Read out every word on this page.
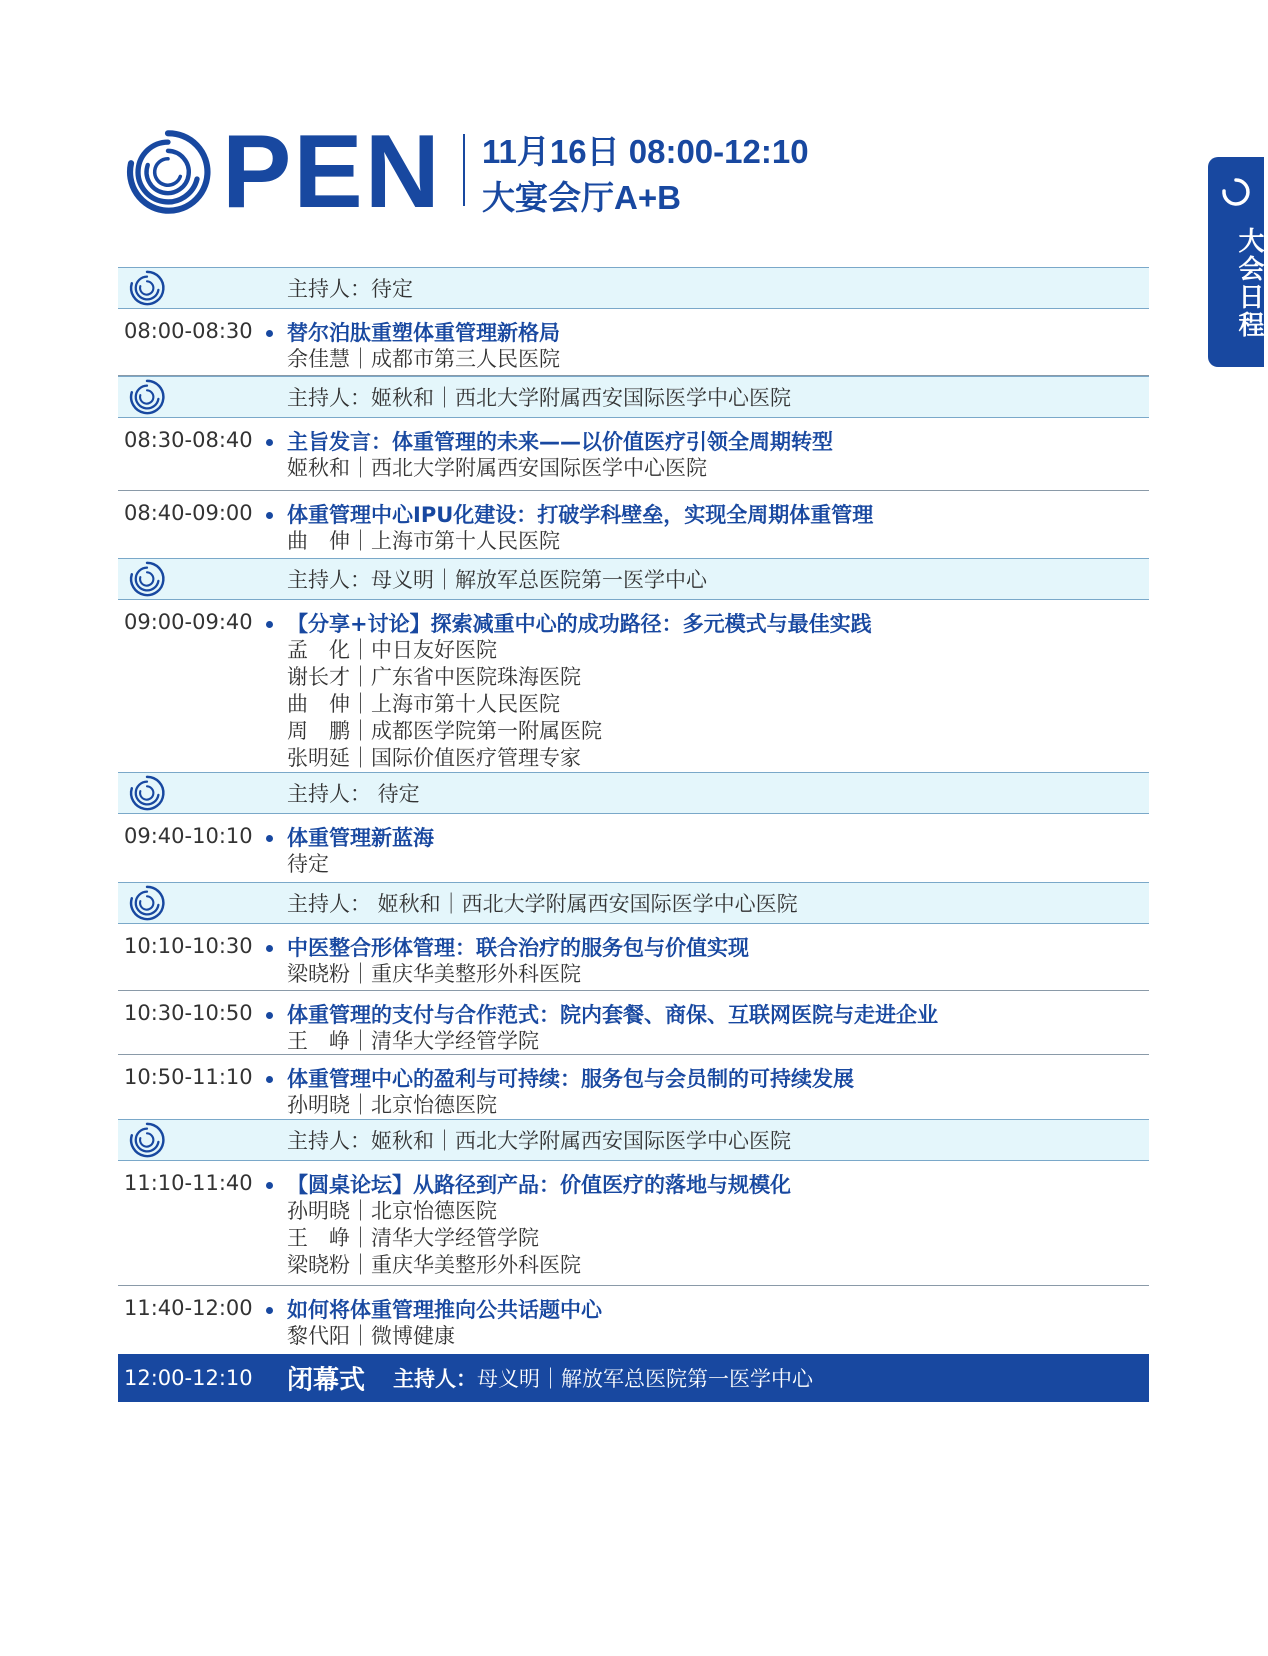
PEN 11月16日 08:00-12:10
大宴会厅A+B
大会日程
主持人：待定
08:00-08:30 替尔泊肽重塑体重管理新格局
余佳慧｜成都市第三人民医院
主持人：姬秋和｜西北大学附属西安国际医学中心医院
08:30-08:40 主旨发言：体重管理的未来——以价值医疗引领全周期转型
姬秋和｜西北大学附属西安国际医学中心医院
08:40-09:00 体重管理中心IPU化建设：打破学科壁垒，实现全周期体重管理
曲　伸｜上海市第十人民医院
主持人：母义明｜解放军总医院第一医学中心
09:00-09:40 【分享+讨论】探索减重中心的成功路径：多元模式与最佳实践
孟　化｜中日友好医院
谢长才｜广东省中医院珠海医院
曲　伸｜上海市第十人民医院
周　鹏｜成都医学院第一附属医院
张明延｜国际价值医疗管理专家
主持人： 待定
09:40-10:10 体重管理新蓝海
待定
主持人： 姬秋和｜西北大学附属西安国际医学中心医院
10:10-10:30 中医整合形体管理：联合治疗的服务包与价值实现
梁晓粉｜重庆华美整形外科医院
10:30-10:50 体重管理的支付与合作范式：院内套餐、商保、互联网医院与走进企业
王　峥｜清华大学经管学院
10:50-11:10 体重管理中心的盈利与可持续：服务包与会员制的可持续发展
孙明晓｜北京怡德医院
主持人：姬秋和｜西北大学附属西安国际医学中心医院
11:10-11:40 【圆桌论坛】从路径到产品：价值医疗的落地与规模化
孙明晓｜北京怡德医院
王　峥｜清华大学经管学院
梁晓粉｜重庆华美整形外科医院
11:40-12:00 如何将体重管理推向公共话题中心
黎代阳｜微博健康
12:00-12:10 闭幕式 主持人：母义明｜解放军总医院第一医学中心
